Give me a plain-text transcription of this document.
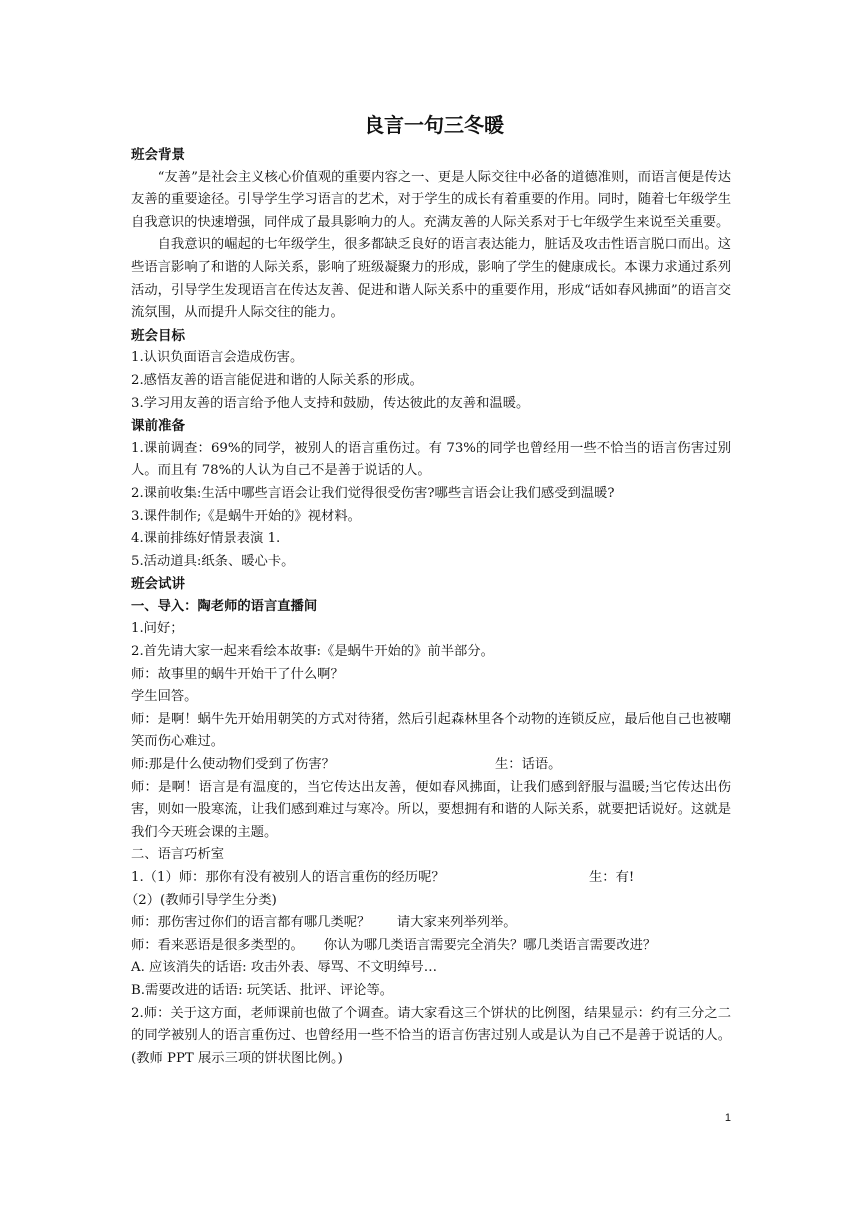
良言一句三冬暖
班会背景

“友善”是社会主义核心价值观的重要内容之一、更是人际交往中必备的道德准则，而语言便是传达友善的重要途径。引导学生学习语言的艺术，对于学生的成长有着重要的作用。同时，随着七年级学生自我意识的快速增强，同伴成了最具影响力的人。充满友善的人际关系对于七年级学生来说至关重要。

自我意识的崛起的七年级学生，很多都缺乏良好的语言表达能力，脏话及攻击性语言脱口而出。这些语言影响了和谐的人际关系，影响了班级凝聚力的形成，影响了学生的健康成长。本课力求通过系列活动，引导学生发现语言在传达友善、促进和谐人际关系中的重要作用，形成“话如春风拂面”的语言交流氛围，从而提升人际交往的能力。

班会目标

1.认识负面语言会造成伤害。

2.感悟友善的语言能促进和谐的人际关系的形成。

3.学习用友善的语言给予他人支持和鼓励，传达彼此的友善和温暖。

课前准备

1.课前调查：69%的同学，被别人的语言重伤过。有 73%的同学也曾经用一些不恰当的语言伤害过别人。而且有 78%的人认为自己不是善于说话的人。

2.课前收集:生活中哪些言语会让我们觉得很受伤害?哪些言语会让我们感受到温暖?

3.课件制作;《是蜗牛开始的》视材料。

4.课前排练好情景表演 1.

5.活动道具:纸条、暖心卡。

班会试讲

一、导入：陶老师的语言直播间

1.问好；

2.首先请大家一起来看绘本故事:《是蜗牛开始的》前半部分。

师：故事里的蜗牛开始干了什么啊？

学生回答。

师：是啊！蜗牛先开始用朝笑的方式对待猪，然后引起森林里各个动物的连锁反应，最后他自己也被嘲笑而伤心难过。

师:那是什么使动物们受到了伤害？	生：话语。

师：是啊！语言是有温度的，当它传达出友善，便如春风拂面，让我们感到舒服与温暖;当它传达出伤害，则如一股寒流，让我们感到难过与寒冷。所以，要想拥有和谐的人际关系，就要把话说好。这就是我们今天班会课的主题。

二、语言巧析室

1.（1）师：那你有没有被别人的语言重伤的经历呢？	生：有!

（2）(教师引导学生分类)

师：那伤害过你们的语言都有哪几类呢？　　请大家来列举列举。

师：看来恶语是很多类型的。　　你认为哪几类语言需要完全消失？哪几类语言需要改进？

A. 应该消失的话语: 攻击外表、辱骂、不文明绰号…

B.需要改进的话语: 玩笑话、批评、评论等。

2.师：关于这方面，老师课前也做了个调查。请大家看这三个饼状的比例图，结果显示：约有三分之二的同学被别人的语言重伤过、也曾经用一些不恰当的语言伤害过别人或是认为自己不是善于说话的人。(教师 PPT 展示三项的饼状图比例。)

1
